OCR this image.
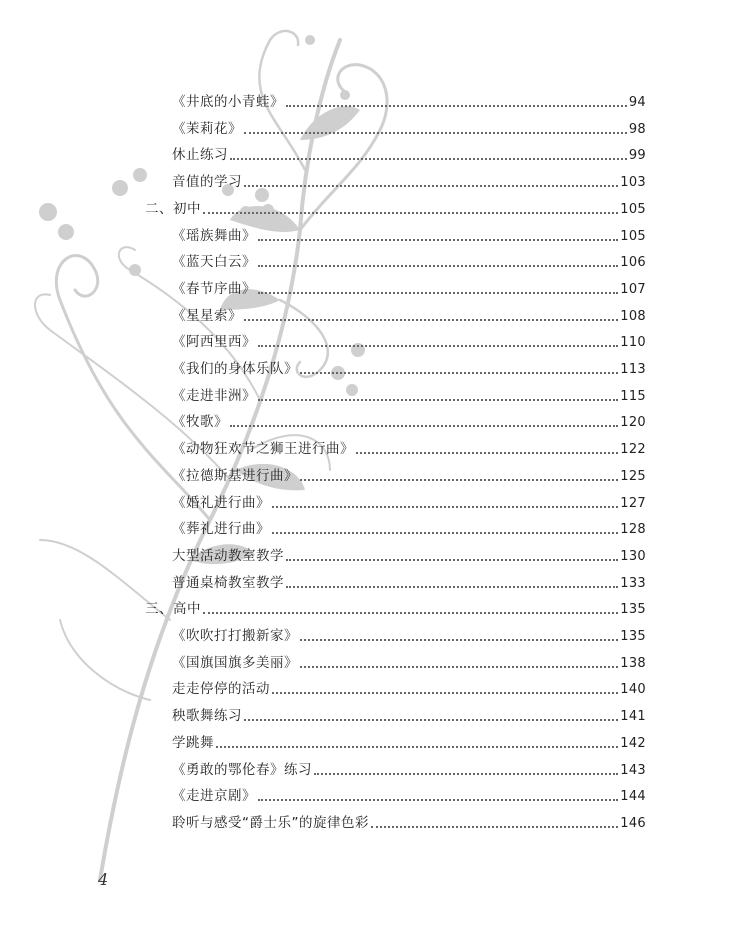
《井底的小青蛙》	94
《茉莉花》	98
休止练习	99
音值的学习	103
二、初中	105
《瑶族舞曲》	105
《蓝天白云》	106
《春节序曲》	107
《星星索》	108
《阿西里西》	110
《我们的身体乐队》	113
《走进非洲》	115
《牧歌》	120
《动物狂欢节之狮王进行曲》	122
《拉德斯基进行曲》	125
《婚礼进行曲》	127
《葬礼进行曲》	128
大型活动教室教学	130
普通桌椅教室教学	133
三、高中	135
《吹吹打打搬新家》	135
《国旗国旗多美丽》	138
走走停停的活动	140
秧歌舞练习	141
学跳舞	142
《勇敢的鄂伦春》练习	143
《走进京剧》	144
聆听与感受“爵士乐”的旋律色彩	146
4
